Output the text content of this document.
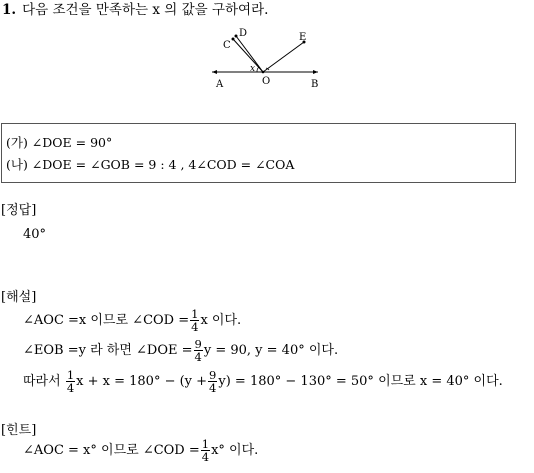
1. 다음 조건을 만족하는 x 의 값을 구하여라.
A	O	B
C
D	E
x
(가) ∠DOE = 90°
(나) ∠DOE = ∠GOB = 9 : 4 , 4∠COD = ∠COA
[정답]
40°
[해설]
∠AOC =x 이므로 ∠COD = $\frac{1}{4}$ x 이다.
∠EOB =y 라 하면 ∠DOE = $\frac{9}{4}$ y = 90, y = 40° 이다.
따라서 $\frac{1}{4}$ $x + x = 180^\circ - (y + \frac{9}{4} y) = 180^\circ - 130^\circ = 50^\circ$ 이므로 x = 40° 이다.
[힌트]
∠AOC = x° 이므로 ∠COD = $\frac{1}{4} x^\circ$ 이다.
